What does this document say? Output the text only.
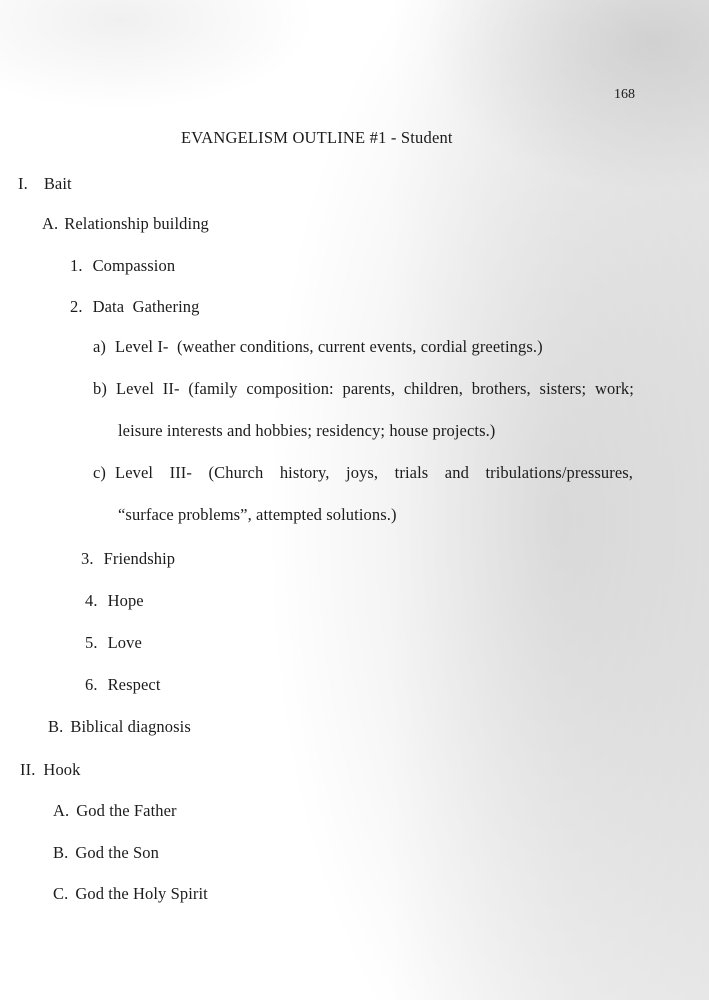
168
EVANGELISM OUTLINE #1 - Student
I. Bait
A. Relationship building
1. Compassion
2. Data  Gathering
a) Level I-  (weather conditions, current events, cordial greetings.)
b) Level II- (family composition: parents, children, brothers, sisters; work;
leisure interests and hobbies; residency; house projects.)
c) Level  III-  (Church  history,  joys,  trials  and  tribulations/pressures,
“surface problems”, attempted solutions.)
3. Friendship
4. Hope
5. Love
6. Respect
B. Biblical diagnosis
II. Hook
A. God the Father
B. God the Son
C. God the Holy Spirit
